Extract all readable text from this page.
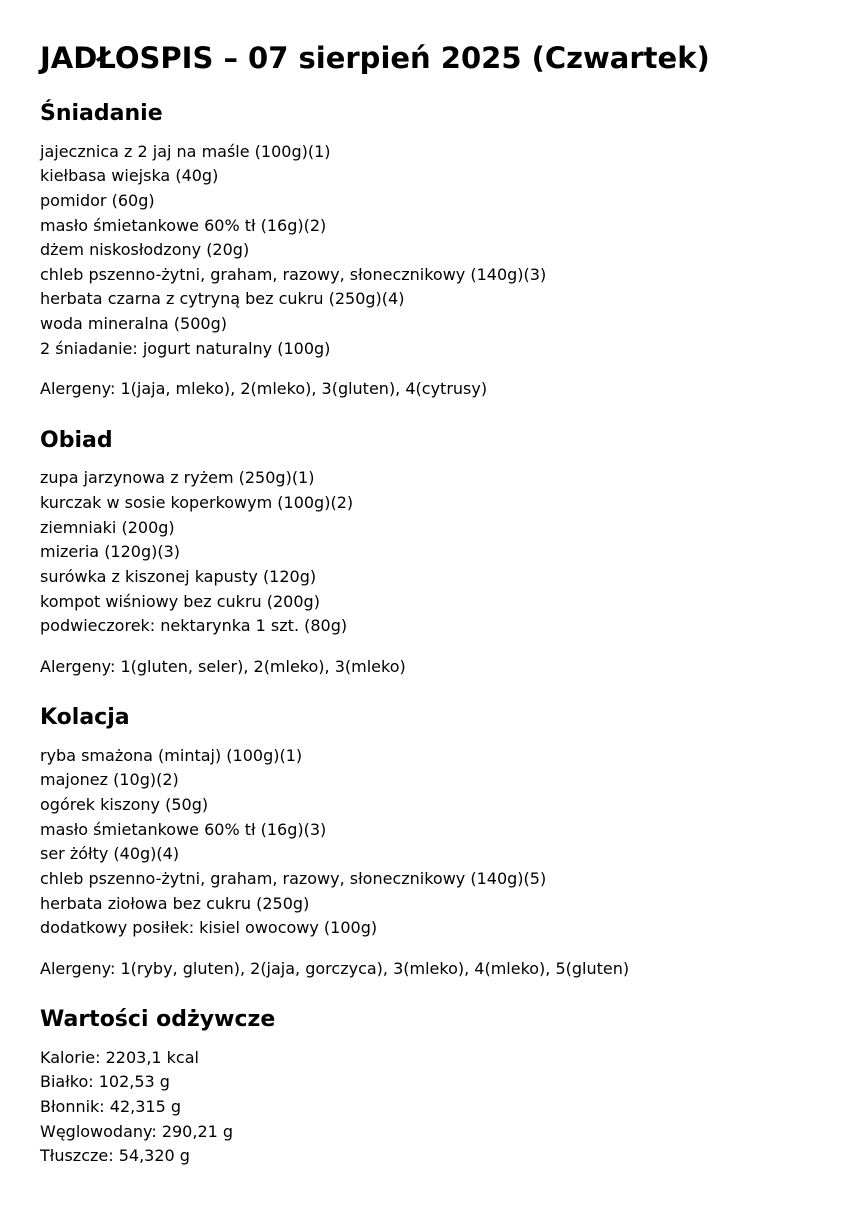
JADŁOSPIS – 07 sierpień 2025 (Czwartek)
Śniadanie
jajecznica z 2 jaj na maśle (100g)(1)
kiełbasa wiejska (40g)
pomidor (60g)
masło śmietankowe 60% tł (16g)(2)
dżem niskosłodzony (20g)
chleb pszenno-żytni, graham, razowy, słonecznikowy (140g)(3)
herbata czarna z cytryną bez cukru (250g)(4)
woda mineralna (500g)
2 śniadanie: jogurt naturalny (100g)

Alergeny: 1(jaja, mleko), 2(mleko), 3(gluten), 4(cytrusy)

Obiad
zupa jarzynowa z ryżem (250g)(1)
kurczak w sosie koperkowym (100g)(2)
ziemniaki (200g)
mizeria (120g)(3)
surówka z kiszonej kapusty (120g)
kompot wiśniowy bez cukru (200g)
podwieczorek: nektarynka 1 szt. (80g)

Alergeny: 1(gluten, seler), 2(mleko), 3(mleko)

Kolacja
ryba smażona (mintaj) (100g)(1)
majonez (10g)(2)
ogórek kiszony (50g)
masło śmietankowe 60% tł (16g)(3)
ser żółty (40g)(4)
chleb pszenno-żytni, graham, razowy, słonecznikowy (140g)(5)
herbata ziołowa bez cukru (250g)
dodatkowy posiłek: kisiel owocowy (100g)

Alergeny: 1(ryby, gluten), 2(jaja, gorczyca), 3(mleko), 4(mleko), 5(gluten)

Wartości odżywcze
Kalorie: 2203,1 kcal
Białko: 102,53 g
Błonnik: 42,315 g
Węglowodany: 290,21 g
Tłuszcze: 54,320 g
